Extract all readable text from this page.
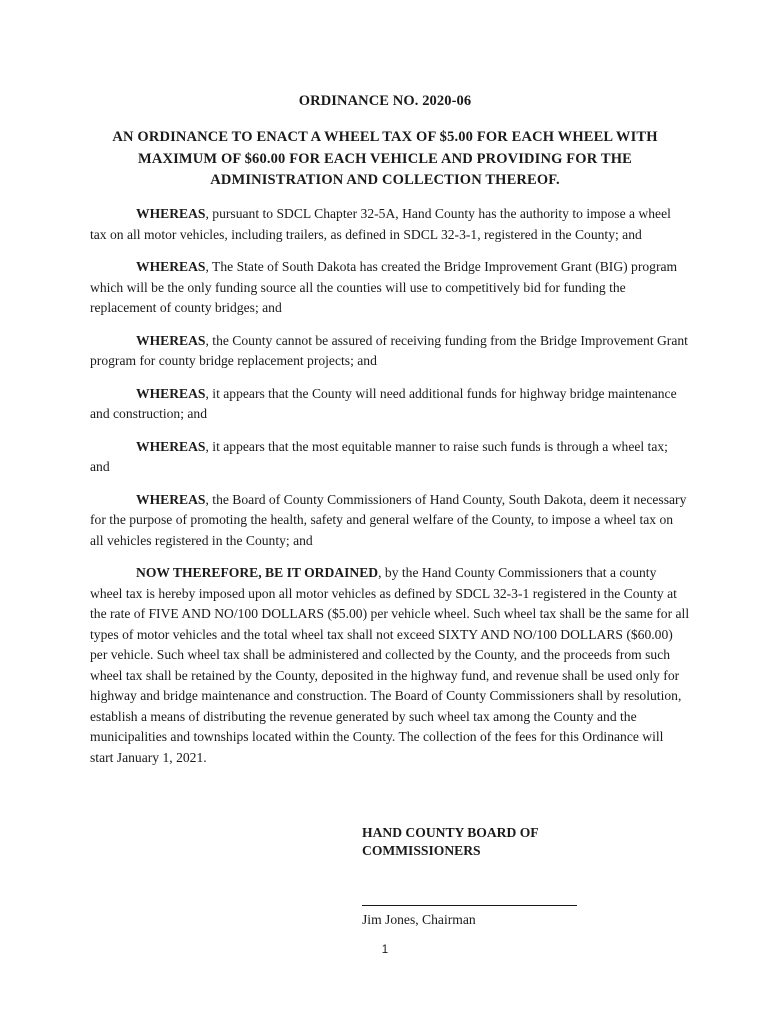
ORDINANCE NO. 2020-06
AN ORDINANCE TO ENACT A WHEEL TAX OF $5.00 FOR EACH WHEEL WITH MAXIMUM OF $60.00 FOR EACH VEHICLE AND PROVIDING FOR THE ADMINISTRATION AND COLLECTION THEREOF.

WHEREAS, pursuant to SDCL Chapter 32-5A, Hand County has the authority to impose a wheel tax on all motor vehicles, including trailers, as defined in SDCL 32-3-1, registered in the County; and

WHEREAS, The State of South Dakota has created the Bridge Improvement Grant (BIG) program which will be the only funding source all the counties will use to competitively bid for funding the replacement of county bridges; and

WHEREAS, the County cannot be assured of receiving funding from the Bridge Improvement Grant program for county bridge replacement projects; and

WHEREAS, it appears that the County will need additional funds for highway bridge maintenance and construction; and

WHEREAS, it appears that the most equitable manner to raise such funds is through a wheel tax; and

WHEREAS, the Board of County Commissioners of Hand County, South Dakota, deem it necessary for the purpose of promoting the health, safety and general welfare of the County, to impose a wheel tax on all vehicles registered in the County; and

NOW THEREFORE, BE IT ORDAINED, by the Hand County Commissioners that a county wheel tax is hereby imposed upon all motor vehicles as defined by SDCL 32-3-1 registered in the County at the rate of FIVE AND NO/100 DOLLARS ($5.00) per vehicle wheel. Such wheel tax shall be the same for all types of motor vehicles and the total wheel tax shall not exceed SIXTY AND NO/100 DOLLARS ($60.00) per vehicle. Such wheel tax shall be administered and collected by the County, and the proceeds from such wheel tax shall be retained by the County, deposited in the highway fund, and revenue shall be used only for highway and bridge maintenance and construction. The Board of County Commissioners shall by resolution, establish a means of distributing the revenue generated by such wheel tax among the County and the municipalities and townships located within the County. The collection of the fees for this Ordinance will start January 1, 2021.

HAND COUNTY BOARD OF COMMISSIONERS
Jim Jones, Chairman
1
